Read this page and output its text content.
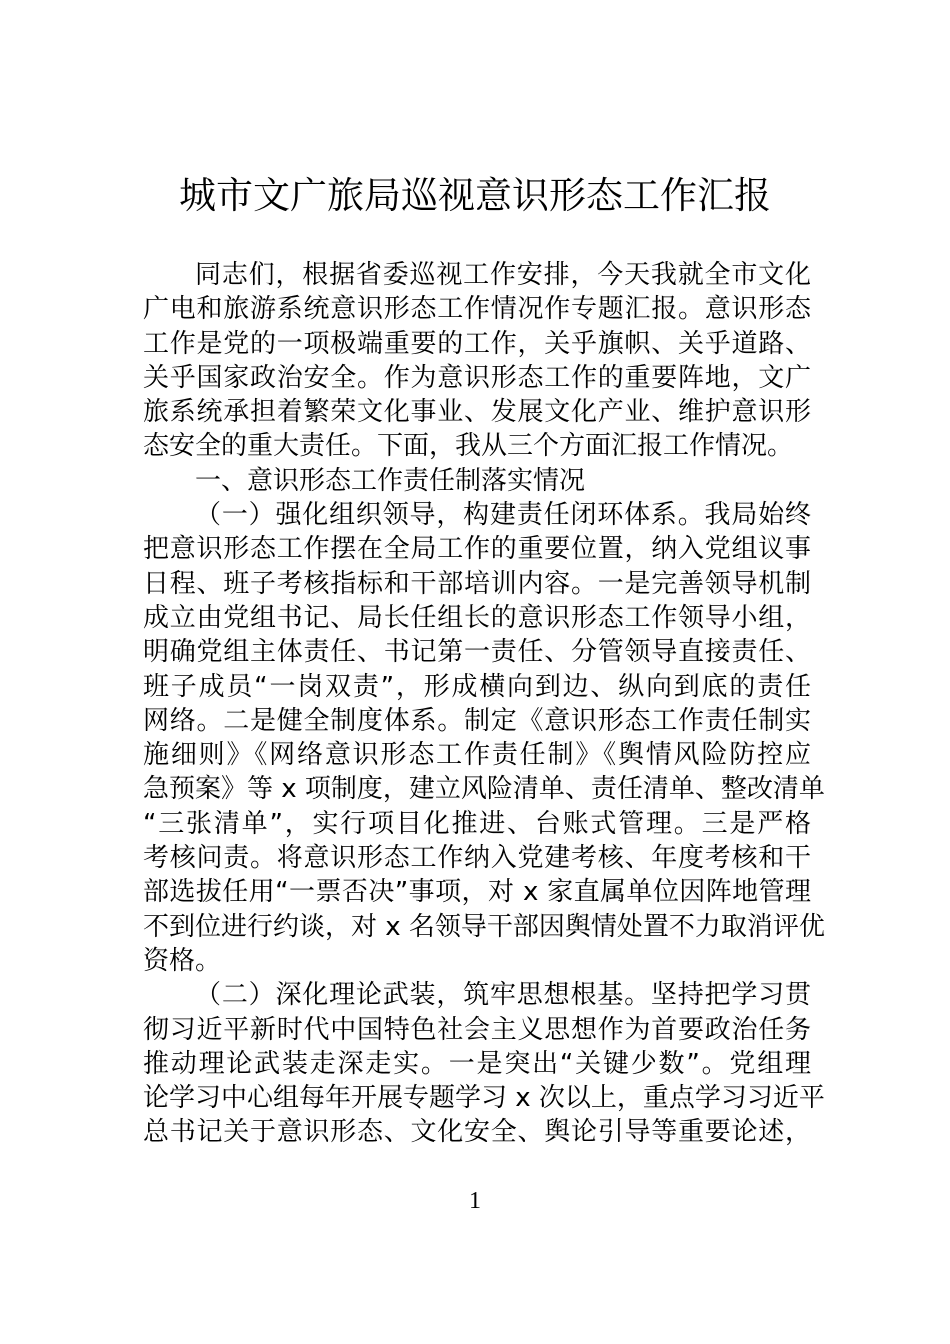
城市文广旅局巡视意识形态工作汇报
同志们，根据省委巡视工作安排，今天我就全市文化
广电和旅游系统意识形态工作情况作专题汇报。意识形态
工作是党的一项极端重要的工作，关乎旗帜、关乎道路、
关乎国家政治安全。作为意识形态工作的重要阵地，文广
旅系统承担着繁荣文化事业、发展文化产业、维护意识形
态安全的重大责任。下面，我从三个方面汇报工作情况。
一、意识形态工作责任制落实情况
（一）强化组织领导，构建责任闭环体系。我局始终
把意识形态工作摆在全局工作的重要位置，纳入党组议事
日程、班子考核指标和干部培训内容。一是完善领导机制
成立由党组书记、局长任组长的意识形态工作领导小组，
明确党组主体责任、书记第一责任、分管领导直接责任、
班子成员“一岗双责”，形成横向到边、纵向到底的责任
网络。二是健全制度体系。制定《意识形态工作责任制实
施细则》《网络意识形态工作责任制》《舆情风险防控应
急预案》等 x 项制度，建立风险清单、责任清单、整改清单
“三张清单”，实行项目化推进、台账式管理。三是严格
考核问责。将意识形态工作纳入党建考核、年度考核和干
部选拔任用“一票否决”事项，对 x 家直属单位因阵地管理
不到位进行约谈，对 x 名领导干部因舆情处置不力取消评优
资格。
（二）深化理论武装，筑牢思想根基。坚持把学习贯
彻习近平新时代中国特色社会主义思想作为首要政治任务
推动理论武装走深走实。一是突出“关键少数”。党组理
论学习中心组每年开展专题学习 x 次以上，重点学习习近平
总书记关于意识形态、文化安全、舆论引导等重要论述，
1
